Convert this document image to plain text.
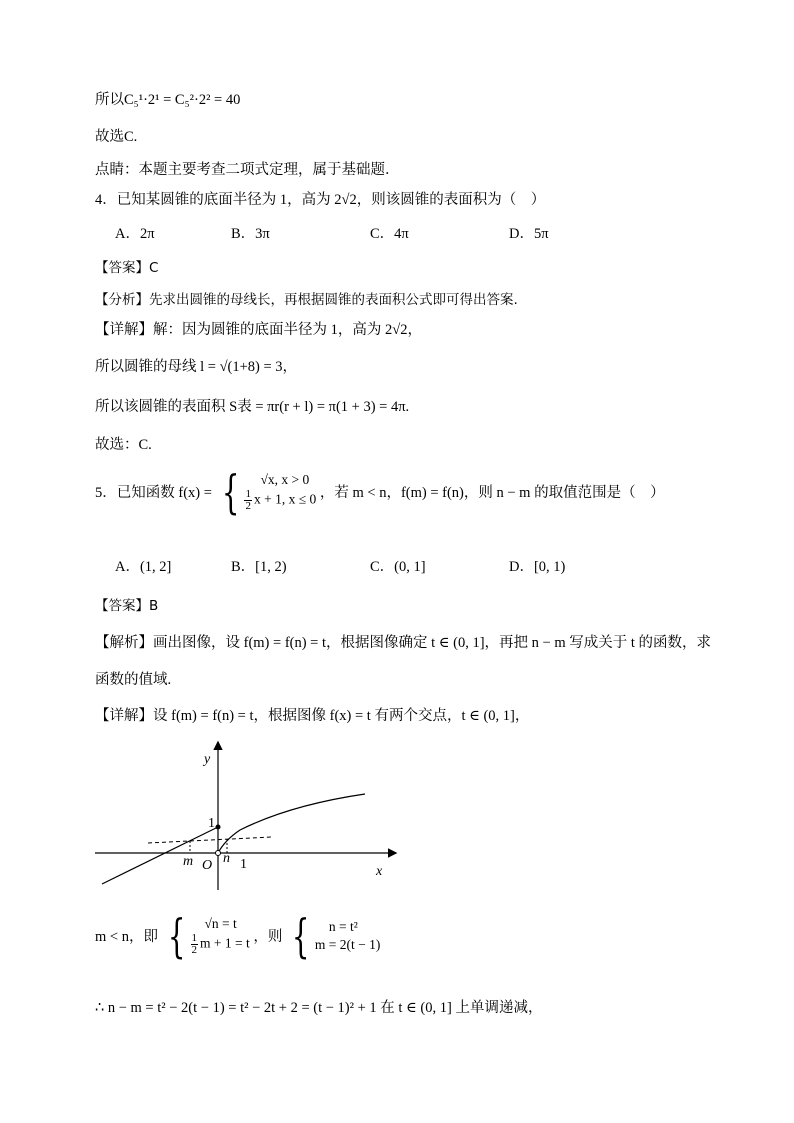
所以C₅¹·2¹ = C₅²·2² = 40
故选C.
点睛：本题主要考查二项式定理，属于基础题．
4．已知某圆锥的底面半径为 1，高为 2√2，则该圆锥的表面积为（　）
A．2π	B．3π	C．4π	D．5π
【答案】C
【分析】先求出圆锥的母线长，再根据圆锥的表面积公式即可得出答案.
【详解】解：因为圆锥的底面半径为 1，高为 2√2，
所以圆锥的母线 l = √(1+8) = 3，
所以该圆锥的表面积 S表 = πr(r + l) = π(1 + 3) = 4π.
故选：C.
5．已知函数 f(x) = {	√x, x > 0
$\frac{1}{2}$ x + 1, x ≤ 0 ，若 m < n，f(m) = f(n)，则 n − m 的取值范围是（　）
A．(1, 2]	B．[1, 2)	C．(0, 1]	D．[0, 1)
【答案】B
【解析】画出图像，设 f(m) = f(n) = t，根据图像确定 t ∈ (0, 1]，再把 n − m 写成关于 t 的函数，求
函数的值域.
【详解】设 f(m) = f(n) = t，根据图像 f(x) = t 有两个交点，t ∈ (0, 1]，
y
x
O
1
1
m n
m < n，即 {	√n = t
$\frac{1}{2}$ m + 1 = t ，则 {	n = t²
m = 2(t − 1)
∴ n − m = t² − 2(t − 1) = t² − 2t + 2 = (t − 1)² + 1 在 t ∈ (0, 1] 上单调递减，
